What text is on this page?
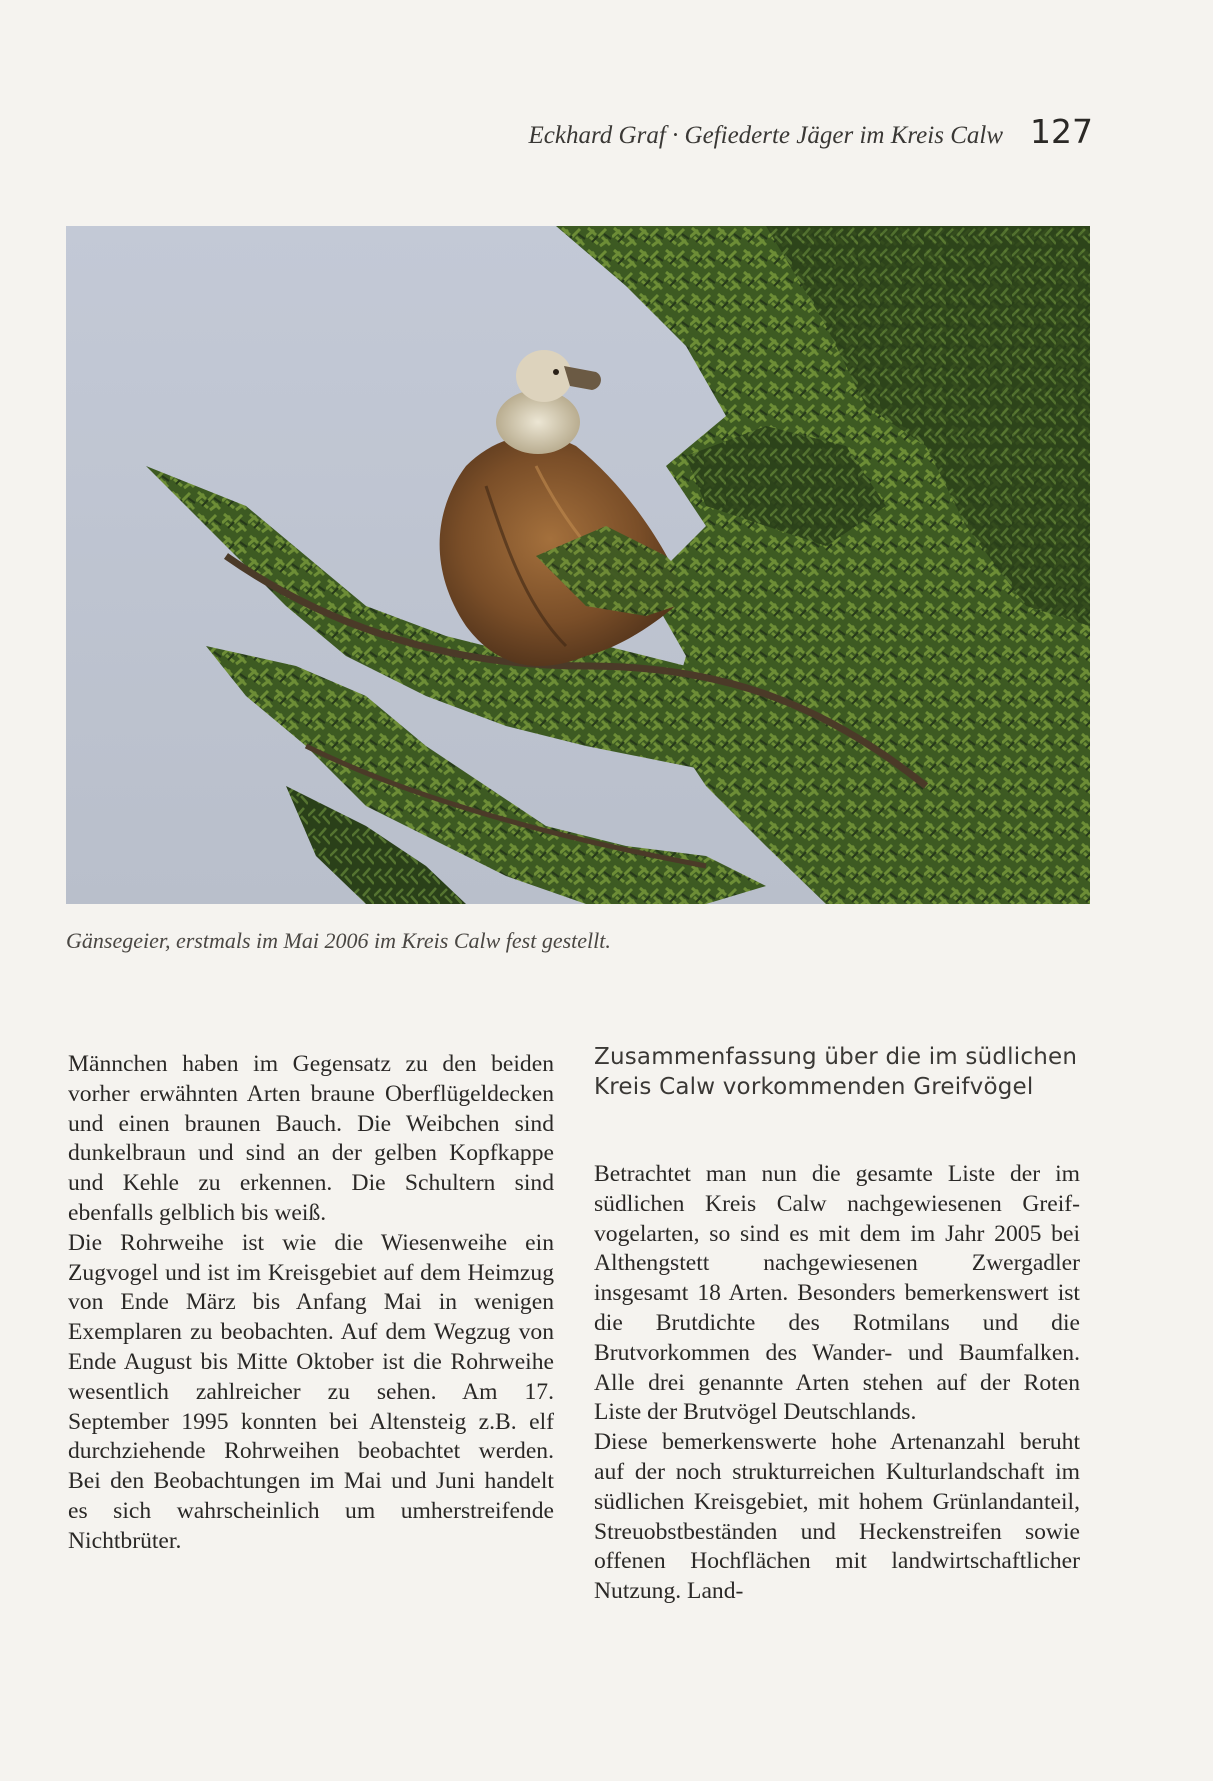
Eckhard Graf · Gefiederte Jäger im Kreis Calw 127
Gänsegeier, erstmals im Mai 2006 im Kreis Calw fest gestellt.

Männchen haben im Gegensatz zu den beiden vorher erwähnten Arten braune Oberflügeldecken und einen braunen Bauch. Die Weibchen sind dunkelbraun und sind an der gelben Kopfkappe und Kehle zu erkennen. Die Schultern sind ebenfalls gelblich bis weiß.

Die Rohrweihe ist wie die Wiesenweihe ein Zugvogel und ist im Kreisgebiet auf dem Heimzug von Ende März bis Anfang Mai in wenigen Exemplaren zu beobachten. Auf dem Wegzug von Ende August bis Mitte Oktober ist die Rohrweihe wesentlich zahlreicher zu sehen. Am 17. September 1995 konnten bei Altensteig z.B. elf durchziehende Rohrweihen beobachtet werden. Bei den Beobachtungen im Mai und Juni handelt es sich wahrscheinlich um umherstreifende Nichtbrüter.

Zusammenfassung über die im südlichen Kreis Calw vorkommenden Greifvögel

Betrachtet man nun die gesamte Liste der im südlichen Kreis Calw nachgewiesenen Greifvogelarten, so sind es mit dem im Jahr 2005 bei Althengstett nachgewiesenen Zwergadler insgesamt 18 Arten. Besonders bemerkenswert ist die Brutdichte des Rotmilans und die Brutvorkommen des Wander- und Baumfalken. Alle drei genannte Arten stehen auf der Roten Liste der Brutvögel Deutschlands.

Diese bemerkenswerte hohe Artenanzahl beruht auf der noch strukturreichen Kulturlandschaft im südlichen Kreisgebiet, mit hohem Grünlandanteil, Streuobstbeständen und Heckenstreifen sowie offenen Hochflächen mit landwirtschaftlicher Nutzung. Land-
